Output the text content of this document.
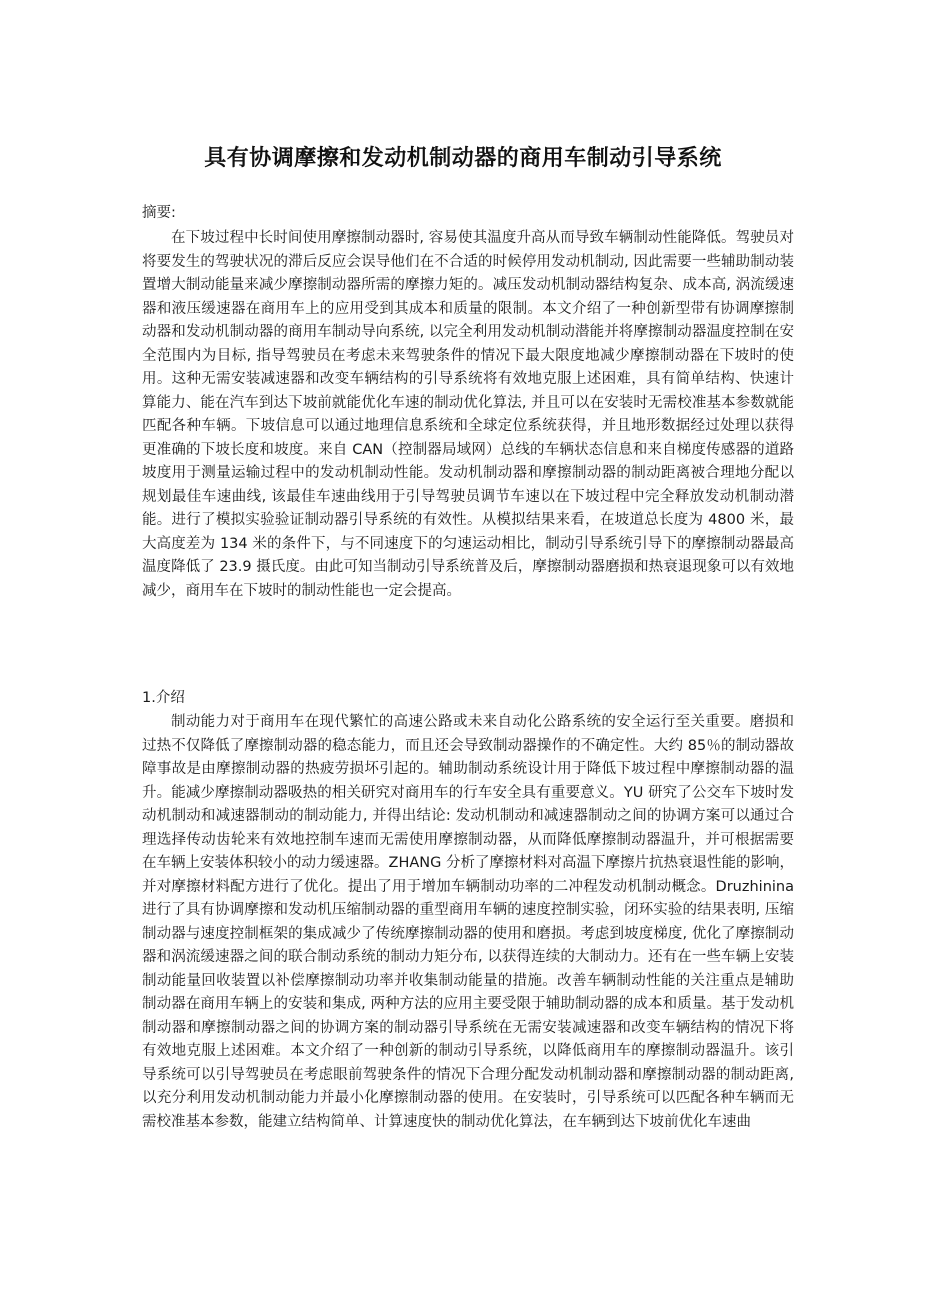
具有协调摩擦和发动机制动器的商用车制动引导系统
摘要:

在下坡过程中长时间使用摩擦制动器时, 容易使其温度升高从而导致车辆制动性能降低。驾驶员对将要发生的驾驶状况的滞后反应会误导他们在不合适的时候停用发动机制动, 因此需要一些辅助制动装置增大制动能量来减少摩擦制动器所需的摩擦力矩的。减压发动机制动器结构复杂、成本高, 涡流缓速器和液压缓速器在商用车上的应用受到其成本和质量的限制。本文介绍了一种创新型带有协调摩擦制动器和发动机制动器的商用车制动导向系统, 以完全利用发动机制动潜能并将摩擦制动器温度控制在安全范围内为目标, 指导驾驶员在考虑未来驾驶条件的情况下最大限度地减少摩擦制动器在下坡时的使用。这种无需安装减速器和改变车辆结构的引导系统将有效地克服上述困难，具有简单结构、快速计算能力、能在汽车到达下坡前就能优化车速的制动优化算法, 并且可以在安装时无需校准基本参数就能匹配各种车辆。下坡信息可以通过地理信息系统和全球定位系统获得，并且地形数据经过处理以获得更准确的下坡长度和坡度。来自 CAN（控制器局域网）总线的车辆状态信息和来自梯度传感器的道路坡度用于测量运输过程中的发动机制动性能。发动机制动器和摩擦制动器的制动距离被合理地分配以规划最佳车速曲线, 该最佳车速曲线用于引导驾驶员调节车速以在下坡过程中完全释放发动机制动潜能。进行了模拟实验验证制动器引导系统的有效性。从模拟结果来看，在坡道总长度为 4800 米，最大高度差为 134 米的条件下，与不同速度下的匀速运动相比，制动引导系统引导下的摩擦制动器最高温度降低了 23.9 摄氏度。由此可知当制动引导系统普及后，摩擦制动器磨损和热衰退现象可以有效地减少，商用车在下坡时的制动性能也一定会提高。

1.介绍

制动能力对于商用车在现代繁忙的高速公路或未来自动化公路系统的安全运行至关重要。磨损和过热不仅降低了摩擦制动器的稳态能力，而且还会导致制动器操作的不确定性。大约 85％的制动器故障事故是由摩擦制动器的热疲劳损坏引起的。辅助制动系统设计用于降低下坡过程中摩擦制动器的温升。能减少摩擦制动器吸热的相关研究对商用车的行车安全具有重要意义。YU 研究了公交车下坡时发动机制动和减速器制动的制动能力, 并得出结论: 发动机制动和减速器制动之间的协调方案可以通过合理选择传动齿轮来有效地控制车速而无需使用摩擦制动器，从而降低摩擦制动器温升，并可根据需要在车辆上安装体积较小的动力缓速器。ZHANG 分析了摩擦材料对高温下摩擦片抗热衰退性能的影响，并对摩擦材料配方进行了优化。提出了用于增加车辆制动功率的二冲程发动机制动概念。Druzhinina 进行了具有协调摩擦和发动机压缩制动器的重型商用车辆的速度控制实验，闭环实验的结果表明, 压缩制动器与速度控制框架的集成减少了传统摩擦制动器的使用和磨损。考虑到坡度梯度, 优化了摩擦制动器和涡流缓速器之间的联合制动系统的制动力矩分布, 以获得连续的大制动力。还有在一些车辆上安装制动能量回收装置以补偿摩擦制动功率并收集制动能量的措施。改善车辆制动性能的关注重点是辅助制动器在商用车辆上的安装和集成, 两种方法的应用主要受限于辅助制动器的成本和质量。基于发动机制动器和摩擦制动器之间的协调方案的制动器引导系统在无需安装减速器和改变车辆结构的情况下将有效地克服上述困难。本文介绍了一种创新的制动引导系统，以降低商用车的摩擦制动器温升。该引导系统可以引导驾驶员在考虑眼前驾驶条件的情况下合理分配发动机制动器和摩擦制动器的制动距离, 以充分利用发动机制动能力并最小化摩擦制动器的使用。在安装时，引导系统可以匹配各种车辆而无需校准基本参数，能建立结构简单、计算速度快的制动优化算法，在车辆到达下坡前优化车速曲
